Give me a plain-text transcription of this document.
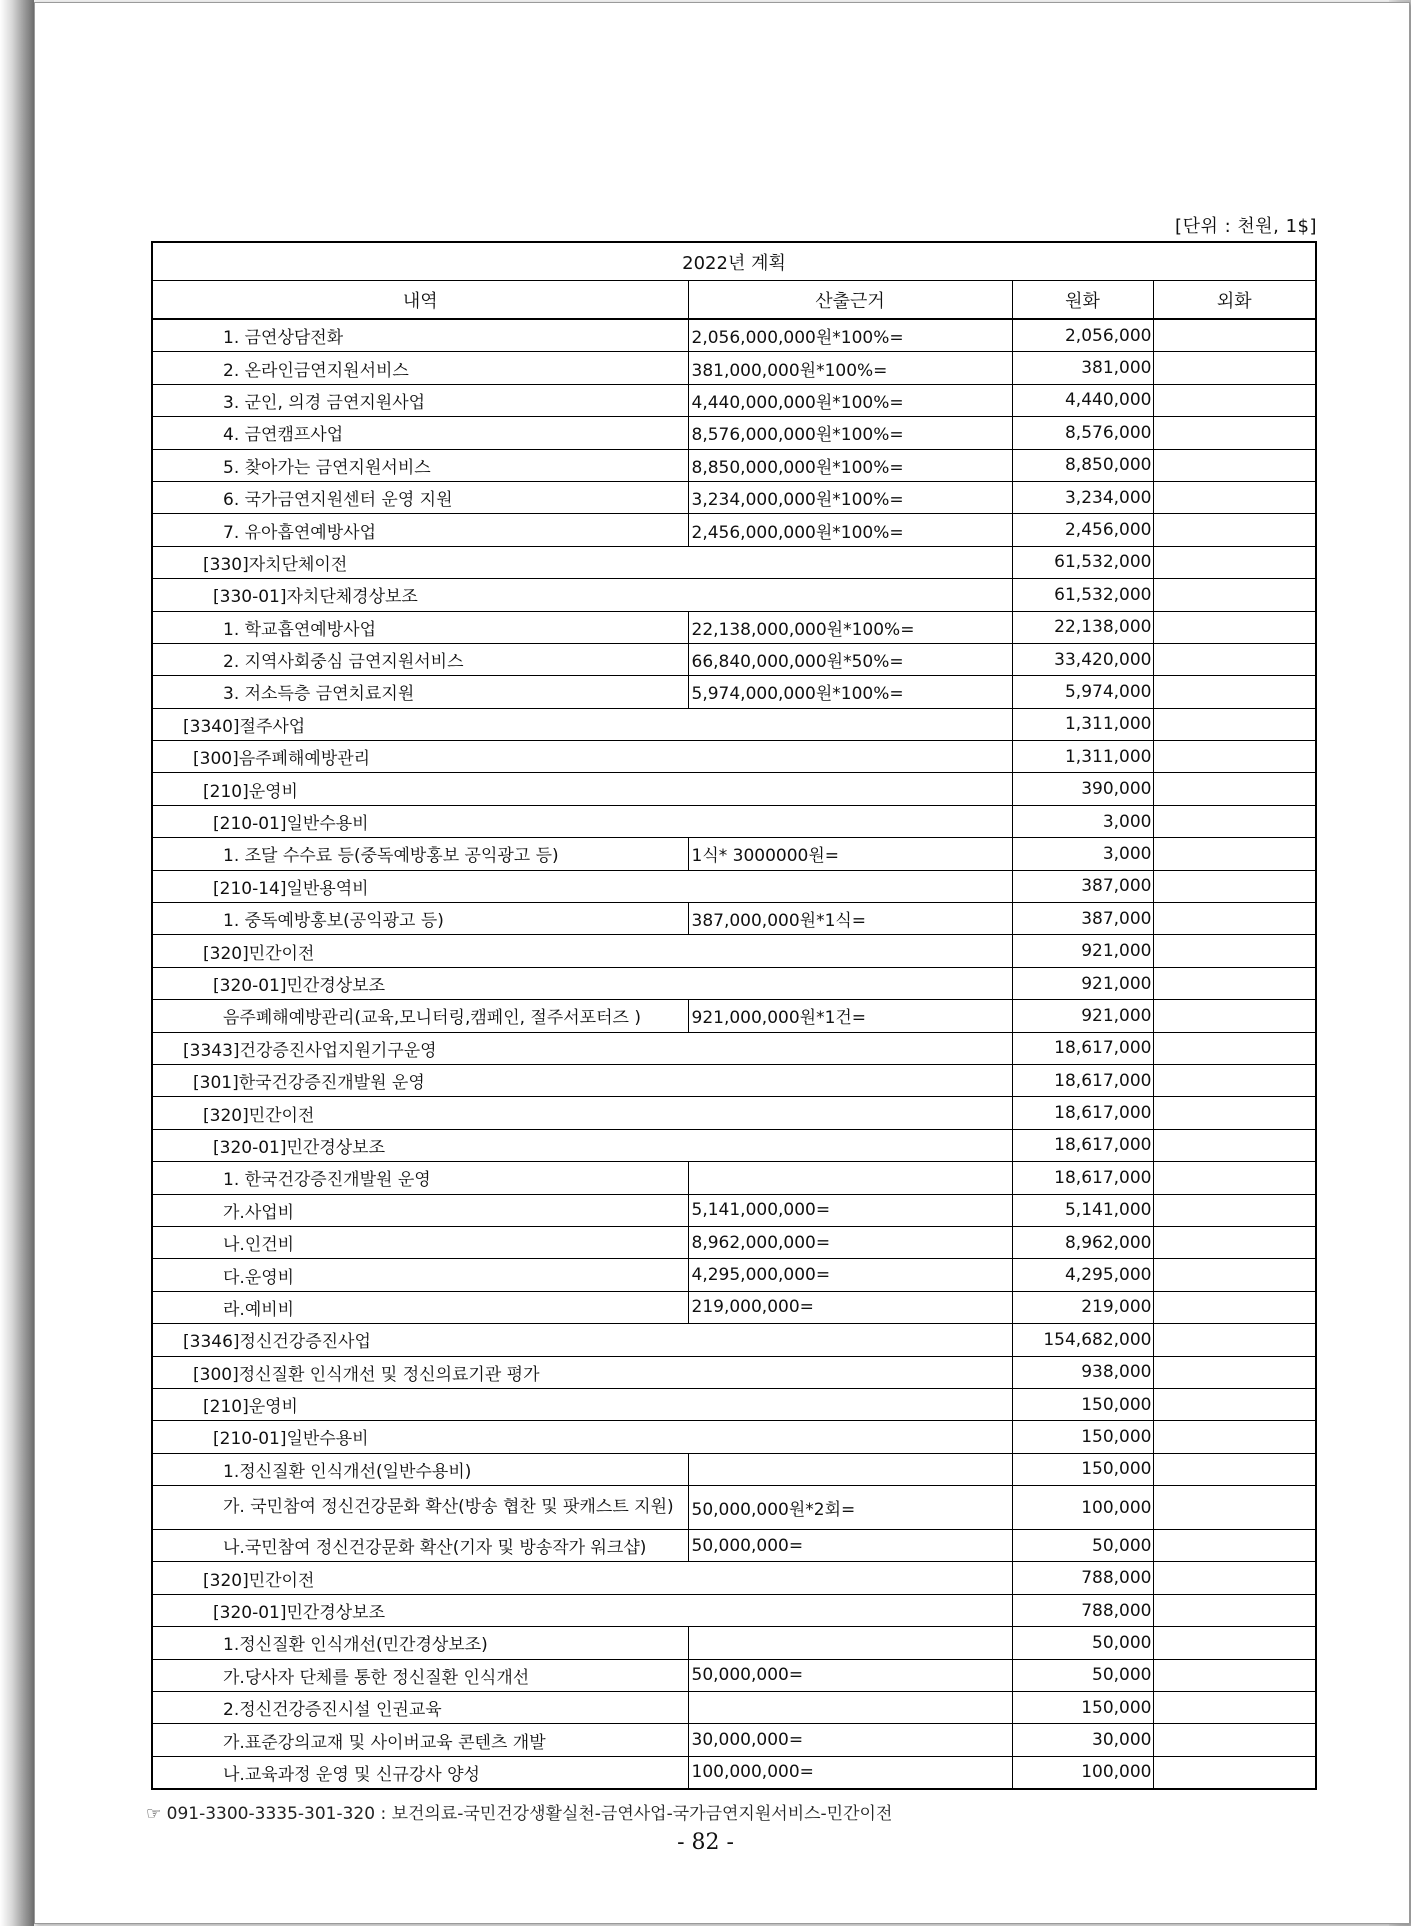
[단위 : 천원, 1$]
2022년 계획			
내역	산출근거	원화	외화
1. 금연상담전화	2,056,000,000원*100%=	2,056,000	
2. 온라인금연지원서비스	381,000,000원*100%=	381,000	
3. 군인, 의경 금연지원사업	4,440,000,000원*100%=	4,440,000	
4. 금연캠프사업	8,576,000,000원*100%=	8,576,000	
5. 찾아가는 금연지원서비스	8,850,000,000원*100%=	8,850,000	
6. 국가금연지원센터 운영 지원	3,234,000,000원*100%=	3,234,000	
7. 유아흡연예방사업	2,456,000,000원*100%=	2,456,000	
[330]자치단체이전		61,532,000	
[330-01]자치단체경상보조		61,532,000	
1. 학교흡연예방사업	22,138,000,000원*100%=	22,138,000	
2. 지역사회중심 금연지원서비스	66,840,000,000원*50%=	33,420,000	
3. 저소득층 금연치료지원	5,974,000,000원*100%=	5,974,000	
[3340]절주사업		1,311,000	
[300]음주폐해예방관리		1,311,000	
[210]운영비		390,000	
[210-01]일반수용비		3,000	
1. 조달 수수료 등(중독예방홍보 공익광고 등)	1식* 3000000원=	3,000	
[210-14]일반용역비		387,000	
1. 중독예방홍보(공익광고 등)	387,000,000원*1식=	387,000	
[320]민간이전		921,000	
[320-01]민간경상보조		921,000	
음주폐해예방관리(교육,모니터링,캠페인, 절주서포터즈 )	921,000,000원*1건=	921,000	
[3343]건강증진사업지원기구운영		18,617,000	
[301]한국건강증진개발원 운영		18,617,000	
[320]민간이전		18,617,000	
[320-01]민간경상보조		18,617,000	
1. 한국건강증진개발원 운영		18,617,000	
가.사업비	5,141,000,000=	5,141,000	
나.인건비	8,962,000,000=	8,962,000	
다.운영비	4,295,000,000=	4,295,000	
라.예비비	219,000,000=	219,000	
[3346]정신건강증진사업		154,682,000	
[300]정신질환 인식개선 및 정신의료기관 평가		938,000	
[210]운영비		150,000	
[210-01]일반수용비		150,000	
1.정신질환 인식개선(일반수용비)		150,000	
가. 국민참여 정신건강문화 확산(방송 협찬 및 팟캐스트 지원)	50,000,000원*2회=	100,000	
나.국민참여 정신건강문화 확산(기자 및 방송작가 워크샵)	50,000,000=	50,000	
[320]민간이전		788,000	
[320-01]민간경상보조		788,000	
1.정신질환 인식개선(민간경상보조)		50,000	
가.당사자 단체를 통한 정신질환 인식개선	50,000,000=	50,000	
2.정신건강증진시설 인권교육		150,000	
가.표준강의교재 및 사이버교육 콘텐츠 개발	30,000,000=	30,000	
나.교육과정 운영 및 신규강사 양성	100,000,000=	100,000	
☞ 091-3300-3335-301-320 : 보건의료-국민건강생활실천-금연사업-국가금연지원서비스-민간이전
- 82 -
